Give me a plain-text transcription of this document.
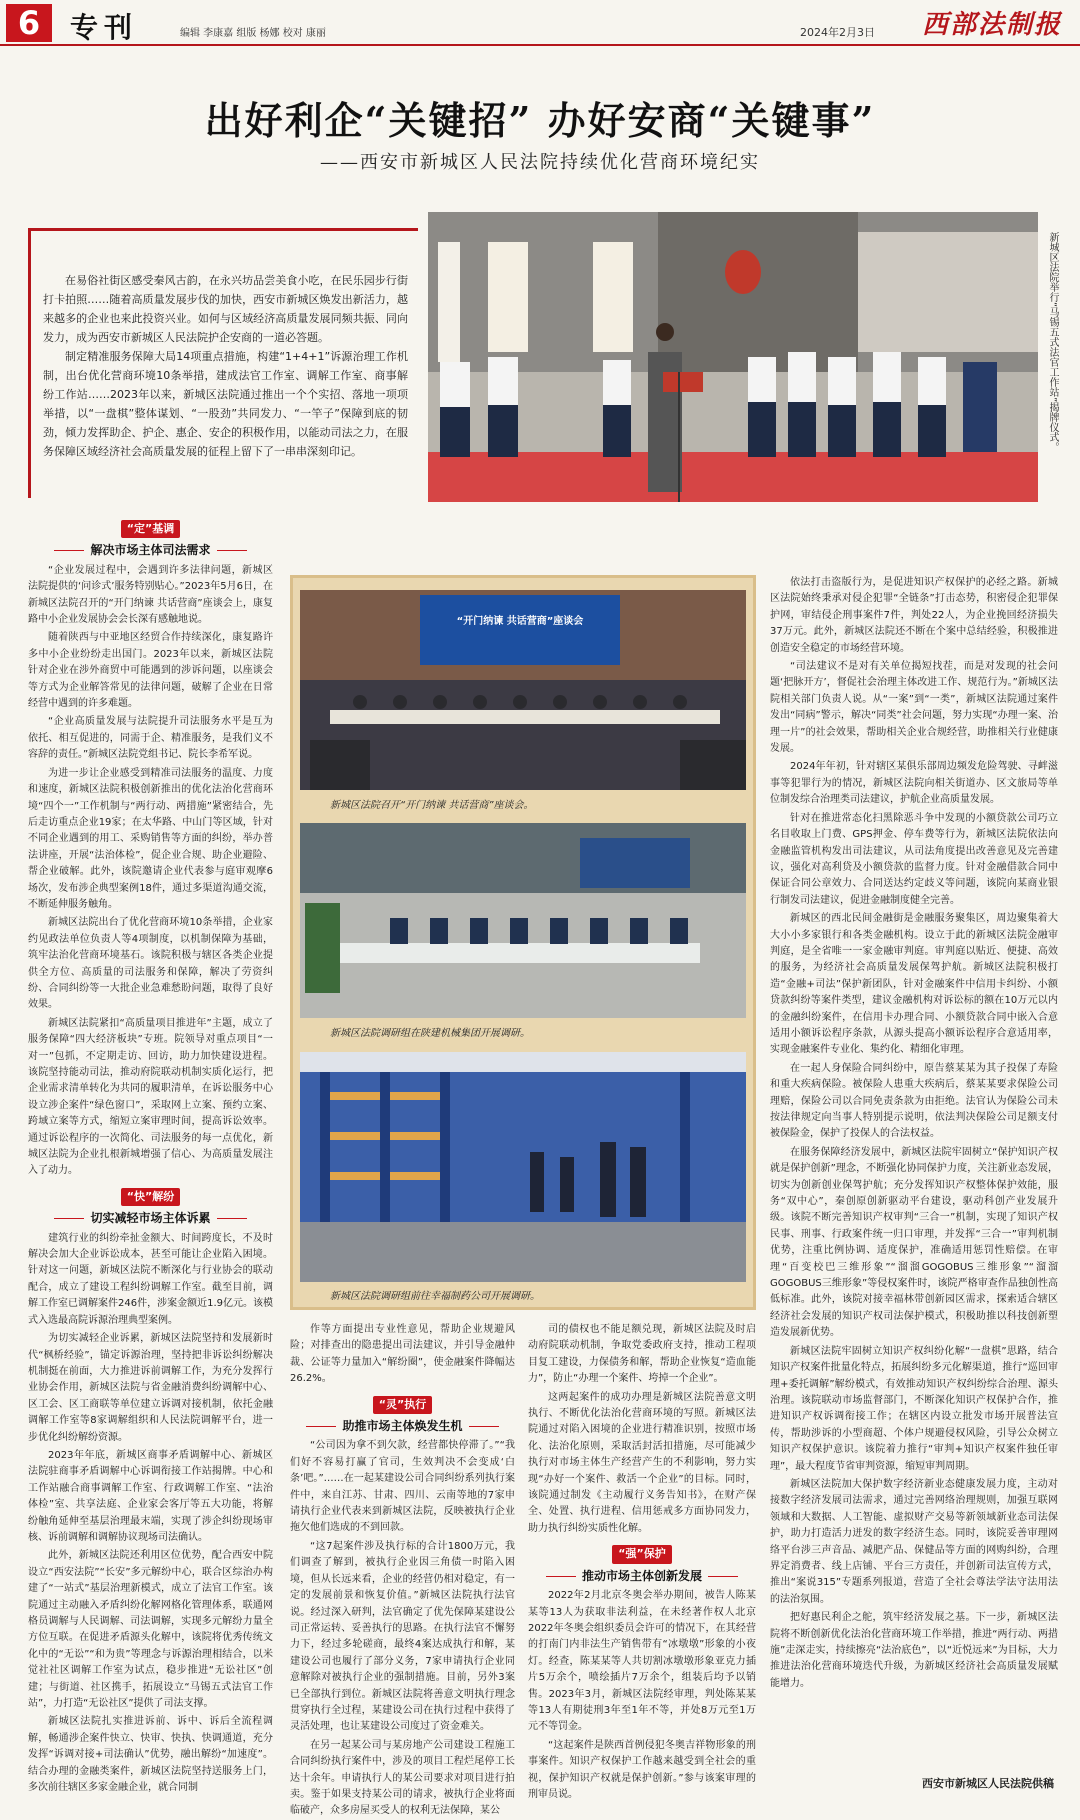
6	专刊	编辑 李康嘉 组版 杨娜 校对 康丽	2024年2月3日 西部法制报
出好利企“关键招” 办好安商“关键事”
——西安市新城区人民法院持续优化营商环境纪实

在易俗社街区感受秦风古韵，在永兴坊品尝美食小吃，在民乐园步行街打卡拍照……随着高质量发展步伐的加快，西安市新城区焕发出新活力，越来越多的企业也来此投资兴业。如何与区域经济高质量发展同频共振、同向发力，成为西安市新城区人民法院护企安商的一道必答题。

制定精准服务保障大局14项重点措施，构建“1+4+1”诉源治理工作机制，出台优化营商环境10条举措，建成法官工作室、调解工作室、商事解纷工作站……2023年以来，新城区法院通过推出一个个实招、落地一项项举措，以“一盘棋”整体谋划、“一股劲”共同发力、“一竿子”保障到底的韧劲，倾力发挥助企、护企、惠企、安企的积极作用，以能动司法之力，在服务保障区域经济社会高质量发展的征程上留下了一串串深刻印记。	新城区法院举行“马锡五式法官工作站”揭牌仪式。
“定”基调
解决市场主体司法需求

“企业发展过程中，会遇到许多法律问题，新城区法院提供的‘问诊式’服务特别贴心。”2023年5月6日，在新城区法院召开的“开门纳谏 共话营商”座谈会上，康复路中小企业发展协会会长深有感触地说。

随着陕西与中亚地区经贸合作持续深化，康复路许多中小企业纷纷走出国门。2023年以来，新城区法院针对企业在涉外商贸中可能遇到的涉诉问题，以座谈会等方式为企业解答常见的法律问题，破解了企业在日常经营中遇到的许多难题。

“企业高质量发展与法院提升司法服务水平是互为依托、相互促进的，同需于企、精准服务，是我们义不容辞的责任。”新城区法院党组书记、院长李希军说。

为进一步让企业感受到精准司法服务的温度、力度和速度，新城区法院积极创新推出的优化法治化营商环境“四个一”工作机制与“两行动、两措施”紧密结合，先后走访重点企业19家；在太华路、中山门等区域，针对不同企业遇到的用工、采购销售等方面的纠纷，举办普法讲座，开展“法治体检”，促企业合规、助企业避险、帮企业破解。此外，该院邀请企业代表参与庭审观摩6场次，发布涉企典型案例18件，通过多渠道沟通交流，不断延伸服务触角。

新城区法院出台了优化营商环境10条举措，企业家约见政法单位负责人等4项制度，以机制保障为基础，筑牢法治化营商环境基石。该院积极与辖区各类企业提供全方位、高质量的司法服务和保障，解决了劳资纠纷、合同纠纷等一大批企业急难愁盼问题，取得了良好效果。

新城区法院紧扣“高质量项目推进年”主题，成立了服务保障“四大经济板块”专班。院领导对重点项目“一对一”包抓，不定期走访、回访，助力加快建设进程。该院坚持能动司法，推动府院联动机制实质化运行，把企业需求清单转化为共同的履职清单，在诉讼服务中心设立涉企案件“绿色窗口”，采取网上立案、预约立案、跨域立案等方式，缩短立案审理时间，提高诉讼效率。通过诉讼程序的一次简化、司法服务的每一点优化，新城区法院为企业扎根新城增强了信心、为高质量发展注入了动力。

“快”解纷
切实减轻市场主体诉累

建筑行业的纠纷牵扯金额大、时间跨度长，不及时解决会加大企业诉讼成本，甚至可能让企业陷入困境。针对这一问题，新城区法院不断深化与行业协会的联动配合，成立了建设工程纠纷调解工作室。截至目前，调解工作室已调解案件246件，涉案金额近1.9亿元。该模式入选最高院诉源治理典型案例。

为切实减轻企业诉累，新城区法院坚持和发展新时代“枫桥经验”，锚定诉源治理，坚持把非诉讼纠纷解决机制挺在前面，大力推进诉前调解工作，为充分发挥行业协会作用，新城区法院与省金融消费纠纷调解中心、区工会、区工商联等单位建立诉调对接机制，依托金融调解工作室等8家调解组织和人民法院调解平台，进一步优化纠纷解纷资源。

2023年年底，新城区商事矛盾调解中心、新城区法院驻商事矛盾调解中心诉调衔接工作站揭牌。中心和工作站融合商事调解工作室、行政调解工作室、“法治体检”室、共享法庭、企业家会客厅等五大功能，将解纷触角延伸至基层治理最末端，实现了涉企纠纷现场审核、诉前调解和调解协议现场司法确认。

此外，新城区法院还利用区位优势，配合西安中院设立“西安法院”“长安”多元解纷中心，联合区综治办构建了“一站式”基层治理新模式，成立了法官工作室。该院通过主动融入矛盾纠纷化解网格化管理体系，联通网格员调解与人民调解、司法调解，实现多元解纷力量全方位互联。在促进矛盾源头化解中，该院将优秀传统文化中的“无讼”“和为贵”等理念与诉源治理相结合，以米觉社社区调解工作室为试点，稳步推进“无讼社区”创建；与街道、社区携手，拓展设立“马锡五式法官工作站”，力打造“无讼社区”提供了司法支撑。

新城区法院扎实推进诉前、诉中、诉后全流程调解，畅通涉企案件快立、快审、快执、快调通道，充分发挥“诉调对接+司法确认”优势，融出解纷“加速度”。结合办理的金融类案件，新城区法院坚持送服务上门，多次前往辖区多家金融企业，就合同制

“开门纳谏 共话营商”座谈会
新城区法院召开“开门纳谏 共话营商”座谈会。
新城区法院调研组在陕建机械集团开展调研。
新城区法院调研组前往幸福制药公司开展调研。

作等方面提出专业性意见，帮助企业规避风险；对排查出的隐患提出司法建议，并引导金融仲裁、公证等力量加入“解纷圈”，使金融案件降幅达26.2%。

“灵”执行
助推市场主体焕发生机

“公司因为拿不到欠款，经营都快停滞了。”“我们好不容易打赢了官司，生效判决不会变成‘白条’吧。”……在一起某建设公司合同纠纷系列执行案件中，来自江苏、甘肃、四川、云南等地的7家申请执行企业代表来到新城区法院，反映被执行企业拖欠他们选成的不到回款。

“这7起案件涉及执行标的合计1800万元，我们调查了解到，被执行企业因三角债一时陷入困境，但从长远来看，企业的经营仍相对稳定，有一定的发展前景和恢复价值。”新城区法院执行法官说。经过深入研判，法官确定了优先保障某建设公司正常运转、妥善执行的思路。在执行法官不懈努力下，经过多轮磋商，最终4案达成执行和解，某建设公司也履行了部分义务，7家申请执行企业同意解除对被执行企业的强制措施。目前，另外3案已全部执行到位。新城区法院将善意文明执行理念贯穿执行全过程，某建设公司在执行过程中获得了灵活处理，也让某建设公司度过了资金难关。

在另一起某公司与某房地产公司建设工程施工合同纠纷执行案件中，涉及的项目工程烂尾停工长达十余年。申请执行人的某公司要求对项目进行拍卖。鉴于如果支持某公司的请求，被执行企业将面临破产，众多房屋买受人的权利无法保障，某公

司的债权也不能足额兑现，新城区法院及时启动府院联动机制，争取党委政府支持，推动工程项目复工建设，力保债务和解，帮助企业恢复“造血能力”，防止“办理一个案件、垮掉一个企业”。

这两起案件的成功办理是新城区法院善意文明执行、不断优化法治化营商环境的写照。新城区法院通过对陷入困境的企业进行精准识别，按照市场化、法治化原则，采取活封活扣措施，尽可能减少执行对市场主体生产经营产生的不利影响，努力实现“办好一个案件、救活一个企业”的目标。同时，该院通过制发《主动履行义务告知书》，在财产保全、处置、执行进程、信用惩戒多方面协同发力，助力执行纠纷实质性化解。

“强”保护
推动市场主体创新发展

2022年2月北京冬奥会举办期间，被告人陈某某等13人为获取非法利益，在未经著作权人北京2022年冬奥会组织委员会许可的情况下，在其经营的打南门内非法生产销售带有“冰墩墩”形象的小夜灯。经查，陈某某等人共切割冰墩墩形象亚克力插片5万余个，喷绘插片7万余个，组装后均予以销售。2023年3月，新城区法院经审理，判处陈某某等13人有期徒刑3年至1年不等，并处8万元至1万元不等罚金。

“这起案件是陕西首例侵犯冬奥吉祥物形象的刑事案件。知识产权保护工作越来越受到全社会的重视，保护知识产权就是保护创新。”参与该案审理的刑审员说。

依法打击盗版行为，是促进知识产权保护的必经之路。新城区法院始终秉承对侵企犯罪“全链条”打击态势，积密侵企犯罪保护网，审结侵企刑事案件7件，判处22人，为企业挽回经济损失37万元。此外，新城区法院还不断在个案中总结经验，积极推进创造安全稳定的市场经营环境。

“司法建议不是对有关单位揭短找茬，而是对发现的社会问题‘把脉开方’，督促社会治理主体改进工作、规范行为。”新城区法院相关部门负责人说。从“一案”到“一类”，新城区法院通过案件发出“同病”警示，解决“同类”社会问题，努力实现“办理一案、治理一片”的社会效果，帮助相关企业合规经营，助推相关行业健康发展。

2024年年初，针对辖区某俱乐部周边频发危险驾驶、寻衅滋事等犯罪行为的情况，新城区法院向相关街道办、区文旅局等单位制发综合治理类司法建议，护航企业高质量发展。

针对在推进常态化扫黑除恶斗争中发现的小额贷款公司巧立名目收取上门费、GPS押金、停车费等行为，新城区法院依法向金融监管机构发出司法建议，从司法角度提出改善意见及完善建议，强化对高利贷及小额贷款的监督力度。针对金融借款合同中保证合同公章效力、合同送达约定歧义等问题，该院向某商业银行制发司法建议，促进金融制度健全完善。

新城区的西北民间金融街是金融服务聚集区，周边聚集着大大小小多家银行和各类金融机构。设立于此的新城区法院金融审判庭，是全省唯一一家金融审判庭。审判庭以贴近、便捷、高效的服务，为经济社会高质量发展保驾护航。新城区法院积极打造“金融+司法”保护新团队，针对金融案件中信用卡纠纷、小额贷款纠纷等案件类型，建议金融机构对诉讼标的额在10万元以内的金融纠纷案件，在信用卡办理合同、小额贷款合同中嵌入合意适用小额诉讼程序条款，从源头提高小额诉讼程序合意适用率，实现金融案件专业化、集约化、精细化审理。

在一起人身保险合同纠纷中，原告蔡某某为其子投保了寿险和重大疾病保险。被保险人患重大疾病后，蔡某某要求保险公司理赔，保险公司以合同免责条款为由拒绝。法官认为保险公司未按法律规定向当事人特别提示说明，依法判决保险公司足额支付被保险金，保护了投保人的合法权益。

在服务保障经济发展中，新城区法院牢固树立“保护知识产权就是保护创新”理念，不断强化协同保护力度，关注新业态发展，切实为创新创业保驾护航；充分发挥知识产权整体保护效能，服务“双中心”，秦创原创新驱动平台建设，驱动科创产业发展升级。该院不断完善知识产权审判“三合一”机制，实现了知识产权民事、刑事、行政案件统一归口审理，并发挥“三合一”审判机制优势，注重比例协调、适度保护，准确适用惩罚性赔偿。在审理“百变校巴三维形象”“溜溜GOGOBUS三维形象”“溜溜GOGOBUS三维形象”等侵权案件时，该院严格审查作品独创性高低标准。此外，该院对接幸福林带创新园区需求，探索适合辖区经济社会发展的知识产权司法保护模式，积极助推以科技创新塑造发展新优势。

新城区法院牢固树立知识产权纠纷化解“一盘棋”思路，结合知识产权案件批量化特点，拓展纠纷多元化解渠道，推行“巡回审理+委托调解”解纷模式，有效推动知识产权纠纷综合治理、源头治理。该院联动市场监督部门，不断深化知识产权保护合作，推进知识产权诉调衔接工作；在辖区内设立批发市场开展普法宣传，帮助涉诉的小型商超、个体户规避侵权风险，引导公众树立知识产权保护意识。该院着力推行“审判+知识产权案件独任审理”，最大程度节省审判资源，缩短审判周期。

新城区法院加大保护数字经济新业态健康发展力度，主动对接数字经济发展司法需求，通过完善网络治理规则，加强互联网领域和大数据、人工智能、虚拟财产交易等新领域新业态司法保护，助力打造活力迸发的数字经济生态。同时，该院妥善审理网络平台涉三声音品、减肥产品、保健品等方面的网购纠纷，合理界定消费者、线上店铺、平台三方责任，并创新司法宣传方式，推出“案说315”专题系列报道，营造了全社会尊法学法守法用法的法治氛围。

把好惠民利企之舵，筑牢经济发展之基。下一步，新城区法院将不断创新优化法治化营商环境工作举措，推进“两行动、两措施”走深走实，持续擦亮“法治底色”，以“近悦远来”为目标，大力推进法治化营商环境迭代升级，为新城区经济社会高质量发展赋能增力。

西安市新城区人民法院供稿
